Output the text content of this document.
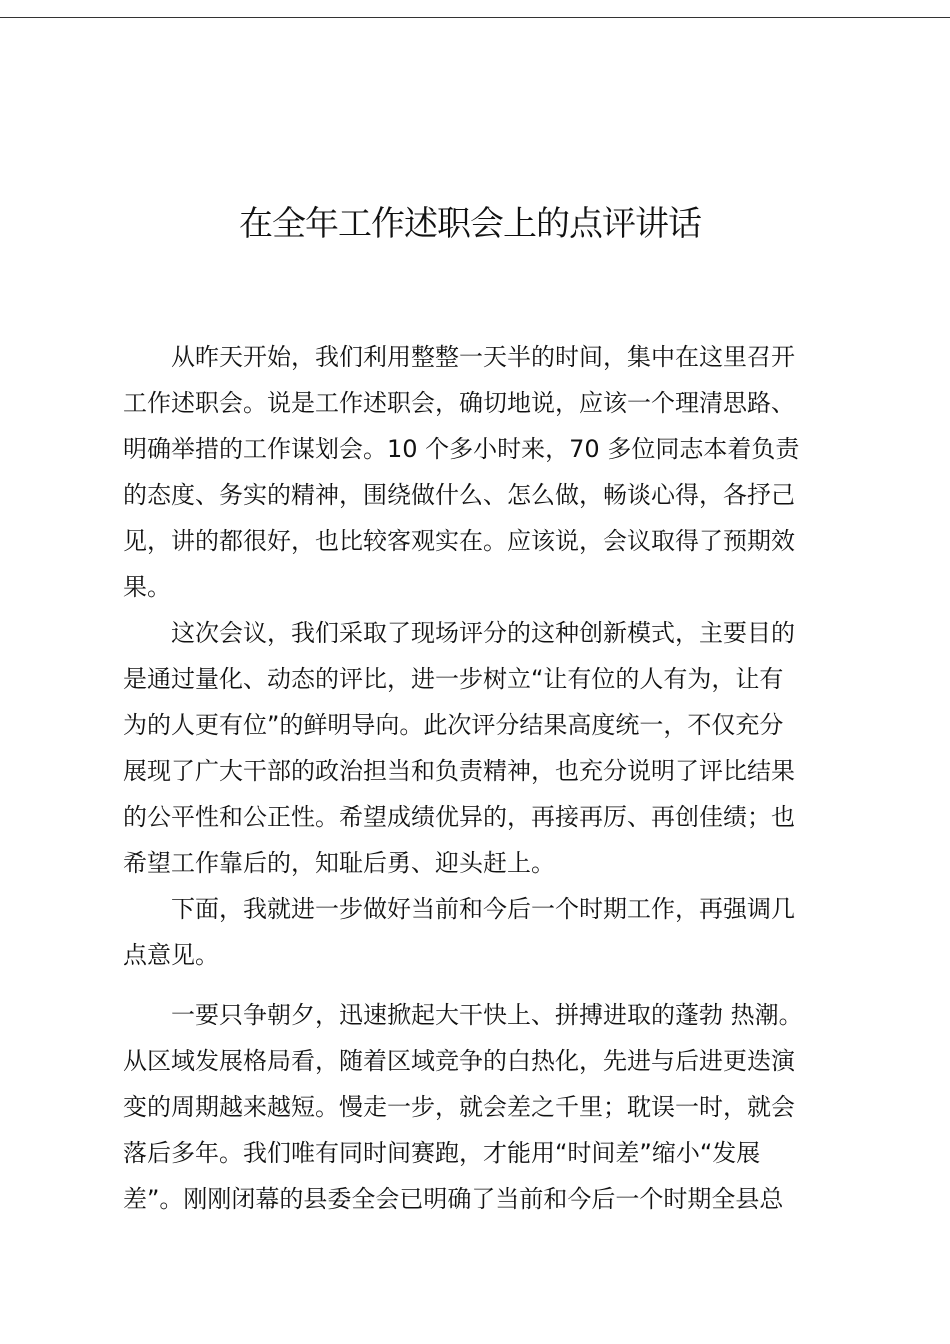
在全年工作述职会上的点评讲话
从昨天开始，我们利用整整一天半的时间，集中在这里召开
工作述职会。说是工作述职会，确切地说，应该一个理清思路、
明确举措的工作谋划会。10 个多小时来，70 多位同志本着负责
的态度、务实的精神，围绕做什么、怎么做，畅谈心得，各抒己
见，讲的都很好，也比较客观实在。应该说，会议取得了预期效
果。
这次会议，我们采取了现场评分的这种创新模式，主要目的
是通过量化、动态的评比，进一步树立“让有位的人有为，让有
为的人更有位”的鲜明导向。此次评分结果高度统一，不仅充分
展现了广大干部的政治担当和负责精神，也充分说明了评比结果
的公平性和公正性。希望成绩优异的，再接再厉、再创佳绩；也
希望工作靠后的，知耻后勇、迎头赶上。
下面，我就进一步做好当前和今后一个时期工作，再强调几
点意见。
一要只争朝夕，迅速掀起大干快上、拼搏进取的蓬勃 热潮。
从区域发展格局看，随着区域竞争的白热化，先进与后进更迭演
变的周期越来越短。慢走一步，就会差之千里；耽误一时，就会
落后多年。我们唯有同时间赛跑，才能用“时间差”缩小“发展
差”。刚刚闭幕的县委全会已明确了当前和今后一个时期全县总
